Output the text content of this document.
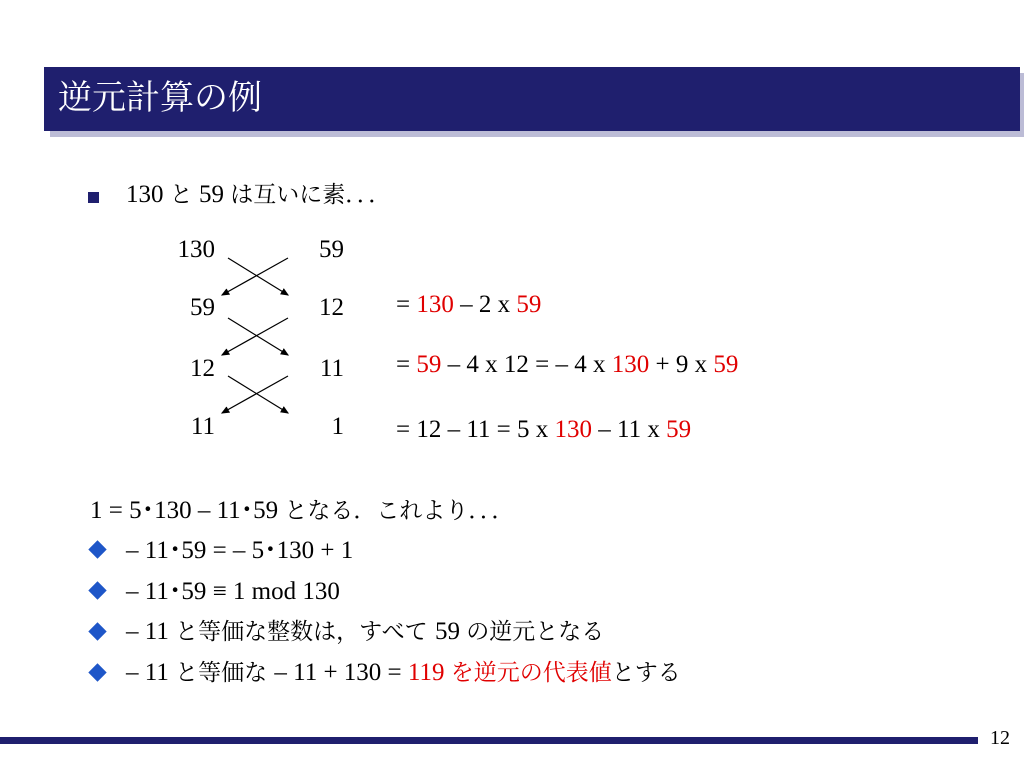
逆元計算の例
130 と 59 は互いに素．．．
130
59
12
11
59
12
11
1
= 130 – 2 x 59
= 59 – 4 x 12 = – 4 x 130 + 9 x 59
= 12 – 11 = 5 x 130 – 11 x 59
1 = 5･130 – 11･59 となる．これより．．．
– 11･59 = – 5･130 + 1
– 11･59 ≡ 1 mod 130
– 11 と等価な整数は，すべて 59 の逆元となる
– 11 と等価な – 11 + 130 = 119 を逆元の代表値とする
12
